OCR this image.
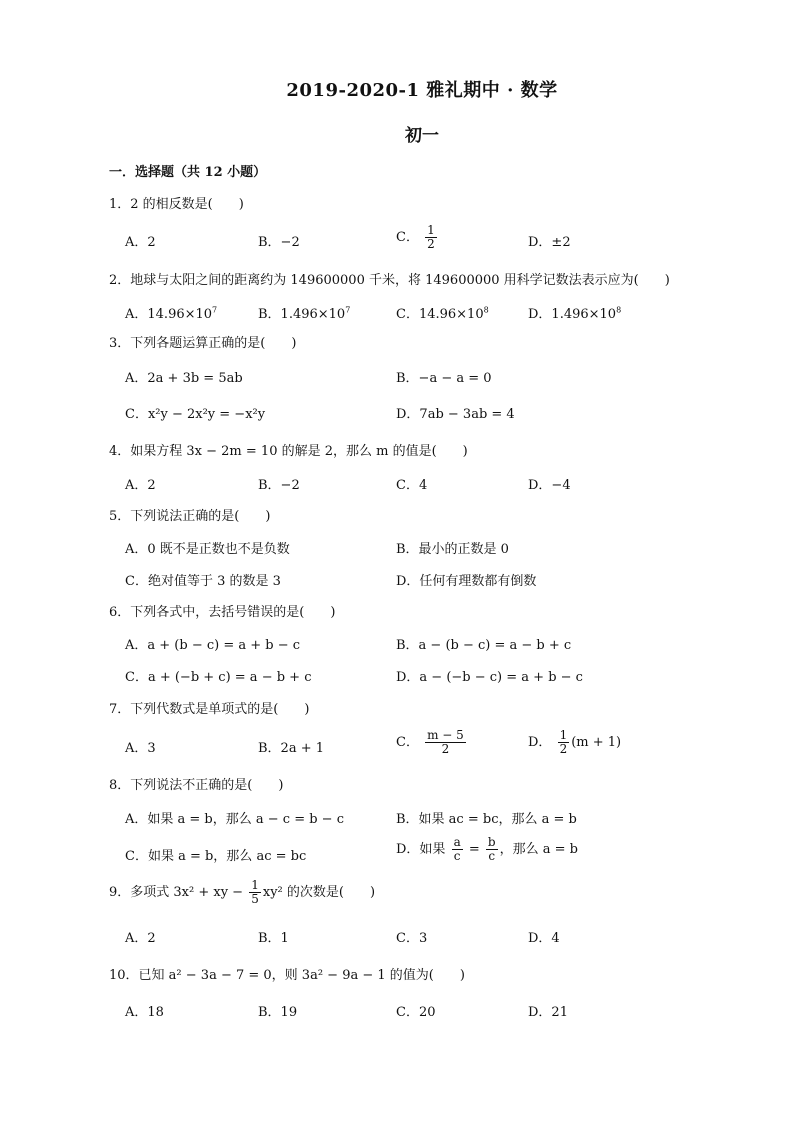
2019-2020-1 雅礼期中 · 数学
初一
一．选择题（共 12 小题）
1．2 的相反数是(　　)
A．2	B．−2	C． $\frac{1}{2}$	D．±2
2．地球与太阳之间的距离约为 149600000 千米，将 149600000 用科学记数法表示应为(　　)
A．$14.96\times 10^7$	B．$1.496\times 10^7$	C．$14.96\times 10^8$	D．$1.496\times 10^8$
3．下列各题运算正确的是(　　)
A．2a + 3b = 5ab	B．−a − a = 0
C．x²y − 2x²y = −x²y	D．7ab − 3ab = 4
4．如果方程 3x − 2m = 10 的解是 2，那么 m 的值是(　　)
A．2	B．−2	C．4	D．−4
5．下列说法正确的是(　　)
A．0 既不是正数也不是负数	B．最小的正数是 0
C．绝对值等于 3 的数是 3	D．任何有理数都有倒数
6．下列各式中，去括号错误的是(　　)
A．a + (b − c) = a + b − c	B．a − (b − c) = a − b + c
C．a + (−b + c) = a − b + c	D．a − (−b − c) = a + b − c
7．下列代数式是单项式的是(　　)
A．3	B．2a + 1	C． $\frac{m - 5}{2}$	D． $\frac{1}{2} (m + 1)$
8．下列说法不正确的是(　　)
A．如果 a = b，那么 a − c = b − c	B．如果 ac = bc，那么 a = b
C．如果 a = b，那么 ac = bc	D．如果 $\frac{a}{c} = \frac{b}{c}$ ，那么 a = b
9．多项式 3x² + xy − $\frac{1}{5} xy^2$ 的次数是(　　)
A．2	B．1	C．3	D．4
10．已知 a² − 3a − 7 = 0，则 3a² − 9a − 1 的值为(　　)
A．18	B．19	C．20	D．21
